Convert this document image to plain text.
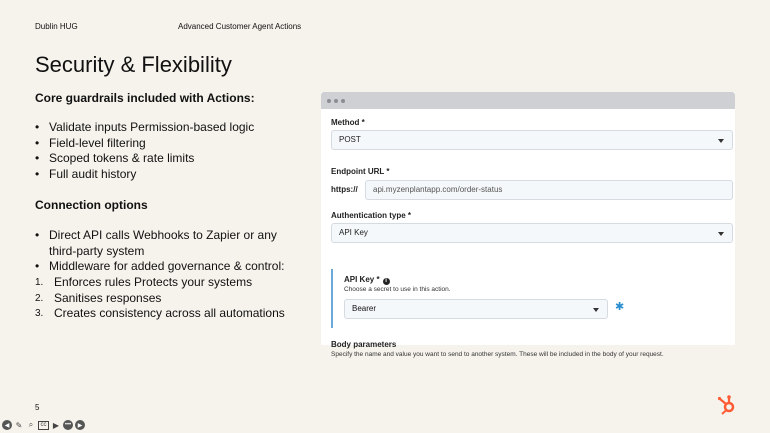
Dublin HUG	Advanced Customer Agent Actions
Security & Flexibility
Core guardrails included with Actions:
• Validate inputs Permission-based logic
• Field-level filtering
• Scoped tokens & rate limits
• Full audit history
Connection options
• Direct API calls Webhooks to Zapier or any third-party system
• Middleware for added governance & control:
1. Enforces rules Protects your systems
2. Sanitises responses
3. Creates consistency across all automations
5
Method *
POST
Endpoint URL *
https://	api.myzenplantapp.com/order-status
Authentication type *
API Key
API Key * i
Choose a secret to use in this action.
Bearer	✱
Body parameters
Specify the name and value you want to send to another system. These will be included in the body of your request.
◀ ✎ ⌕	cc ▶ •••	▶
